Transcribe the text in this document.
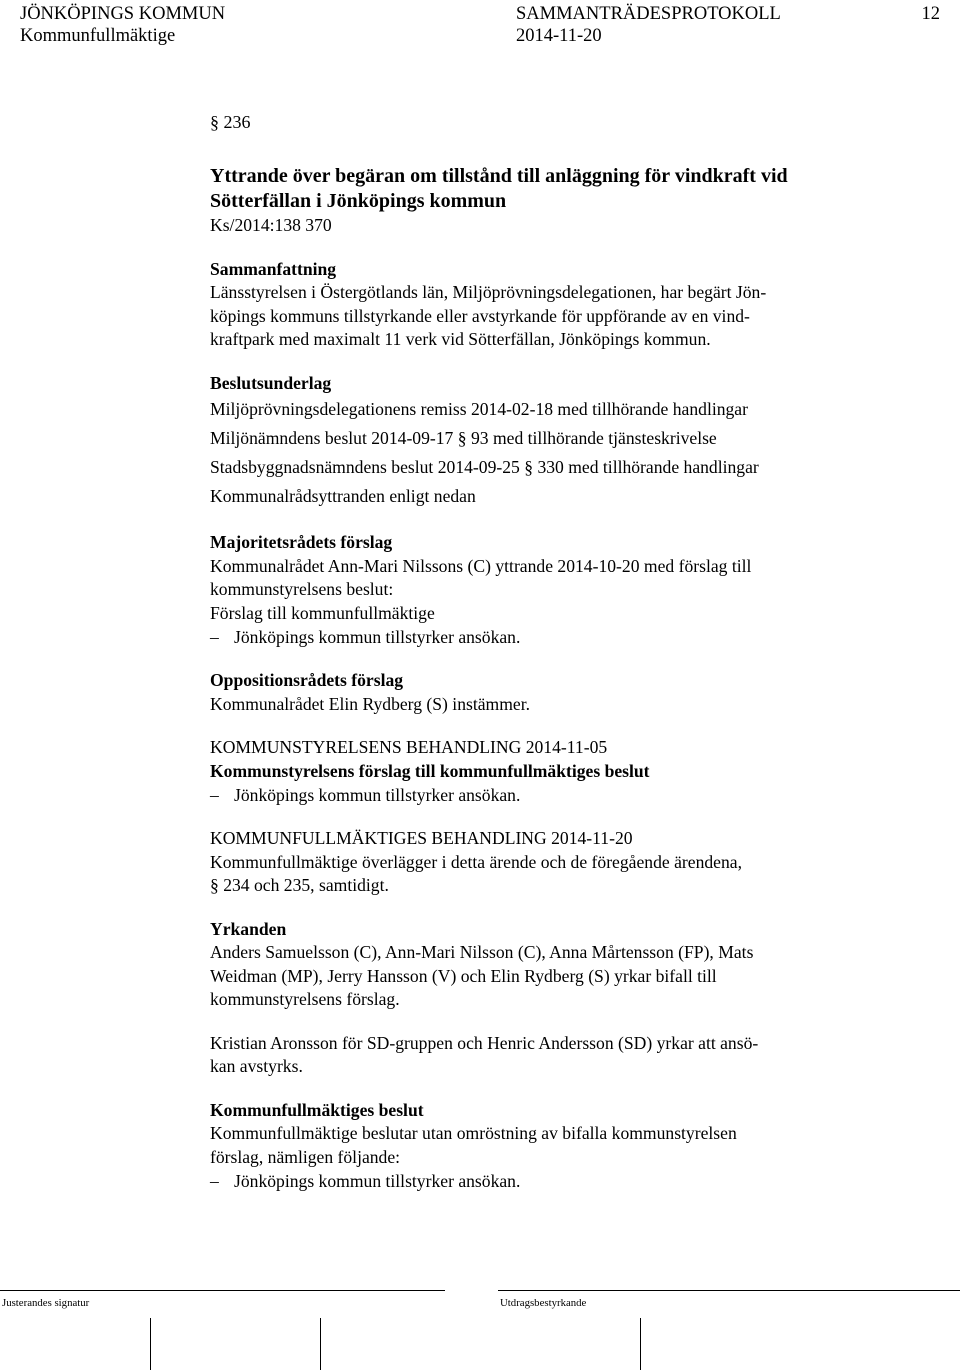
JÖNKÖPINGS KOMMUN
Kommunfullmäktige
SAMMANTRÄDESPROTOKOLL
2014-11-20
12
§ 236
Yttrande över begäran om tillstånd till anläggning för vindkraft vid
Sötterfällan i Jönköpings kommun
Ks/2014:138 370
Sammanfattning
Länsstyrelsen i Östergötlands län, Miljöprövningsdelegationen, har begärt Jön-
köpings kommuns tillstyrkande eller avstyrkande för uppförande av en vind-
kraftpark med maximalt 11 verk vid Sötterfällan, Jönköpings kommun.
Beslutsunderlag
Miljöprövningsdelegationens remiss 2014-02-18 med tillhörande handlingar
Miljönämndens beslut 2014-09-17
§
93 med tillhörande tjänsteskrivelse
Stadsbyggnadsnämndens beslut 2014-09-25
§
330 med tillhörande handlingar
Kommunalrådsyttranden enligt nedan
Majoritetsrådets förslag
Kommunalrådet Ann-Mari Nilssons (C) yttrande 2014-10-20 med förslag till
kommunstyrelsens beslut:
Förslag till kommunfullmäktige
– Jönköpings kommun tillstyrker ansökan.
Oppositionsrådets förslag
Kommunalrådet Elin Rydberg (S) instämmer.
KOMMUNSTYRELSENS BEHANDLING 2014-11-05
Kommunstyrelsens förslag till kommunfullmäktiges beslut
– Jönköpings kommun tillstyrker ansökan.
KOMMUNFULLMÄKTIGES BEHANDLING 2014-11-20
Kommunfullmäktige överlägger i detta ärende och de föregående ärendena,
§ 234 och 235, samtidigt.
Yrkanden
Anders Samuelsson (C), Ann-Mari Nilsson (C), Anna Mårtensson (FP), Mats
Weidman (MP), Jerry Hansson (V) och Elin Rydberg (S) yrkar bifall till
kommunstyrelsens förslag.
Kristian Aronsson för SD-gruppen och Henric Andersson (SD) yrkar att ansö-
kan avstyrks.
Kommunfullmäktiges beslut
Kommunfullmäktige beslutar utan omröstning av bifalla kommunstyrelsen
förslag, nämligen följande:
– Jönköpings kommun tillstyrker ansökan.
Justerandes signatur	Utdragsbestyrkande
